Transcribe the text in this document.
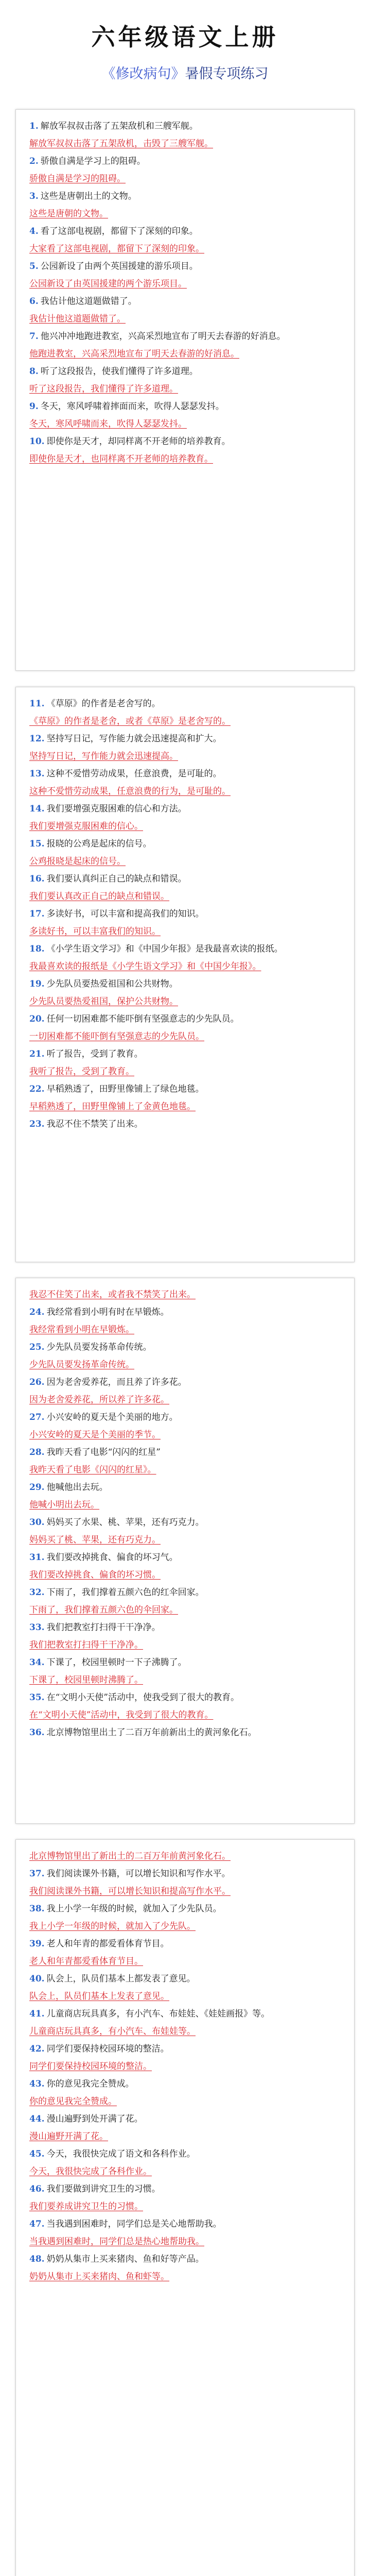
六年级语文上册
《修改病句》暑假专项练习
1. 解放军叔叔击落了五架敌机和三艘军舰。
解放军叔叔击落了五架敌机，击毁了三艘军舰。
2. 骄傲自满是学习上的阻碍。
骄傲自满是学习的阻碍。
3. 这些是唐朝出土的文物。
这些是唐朝的文物。
4. 看了这部电视剧，都留下了深刻的印象。
大家看了这部电视剧，都留下了深刻的印象。
5. 公园新设了由两个英国援建的游乐项目。
公园新设了由英国援建的两个游乐项目。
6. 我估计他这道题做错了。
我估计他这道题做错了。
7. 他兴冲冲地跑进教室，兴高采烈地宣布了明天去春游的好消息。
他跑进教室，兴高采烈地宣布了明天去春游的好消息。
8. 听了这段报告，使我们懂得了许多道理。
听了这段报告，我们懂得了许多道理。
9. 冬天，寒风呼啸着摔面而来，吹得人瑟瑟发抖。
冬天，寒风呼啸而来，吹得人瑟瑟发抖。
10. 即使你是天才，却同样离不开老师的培养教育。
即使你是天才，也同样离不开老师的培养教育。
11. 《草原》的作者是老舍写的。
《草原》的作者是老舍，或者《草原》是老舍写的。
12. 坚持写日记，写作能力就会迅速提高和扩大。
坚持写日记，写作能力就会迅速提高。
13. 这种不爱惜劳动成果，任意浪费，是可耻的。
这种不爱惜劳动成果，任意浪费的行为，是可耻的。
14. 我们要增强克服困难的信心和方法。
我们要增强克服困难的信心。
15. 报晓的公鸡是起床的信号。
公鸡报晓是起床的信号。
16. 我们要认真纠正自己的缺点和错误。
我们要认真改正自己的缺点和错误。
17. 多读好书，可以丰富和提高我们的知识。
多读好书，可以丰富我们的知识。
18. 《小学生语文学习》和《中国少年报》是我最喜欢读的报纸。
我最喜欢读的报纸是《小学生语文学习》和《中国少年报》。
19. 少先队员要热爱祖国和公共财物。
少先队员要热爱祖国，保护公共财物。
20. 任何一切困难都不能吓倒有坚强意志的少先队员。
一切困难都不能吓倒有坚强意志的少先队员。
21. 听了报告，受到了教育。
我听了报告，受到了教育。
22. 早稻熟透了，田野里像铺上了绿色地毯。
早稻熟透了，田野里像铺上了金黄色地毯。
23. 我忍不住不禁笑了出来。
我忍不住笑了出来，或者我不禁笑了出来。
24. 我经常看到小明有时在早锻炼。
我经常看到小明在早锻炼。
25. 少先队员要发扬革命传统。
少先队员要发扬革命传统。
26. 因为老舍爱养花，而且养了许多花。
因为老舍爱养花，所以养了许多花。
27. 小兴安岭的夏天是个美丽的地方。
小兴安岭的夏天是个美丽的季节。
28. 我昨天看了电影“闪闪的红星”
我昨天看了电影《闪闪的红星》。
29. 他喊他出去玩。
他喊小明出去玩。
30. 妈妈买了水果、桃、苹果，还有巧克力。
妈妈买了桃、苹果，还有巧克力。
31. 我们要改掉挑食、偏食的坏习气。
我们要改掉挑食、偏食的坏习惯。
32. 下雨了，我们撑着五颜六色的红伞回家。
下雨了，我们撑着五颜六色的伞回家。
33. 我们把教室打扫得干干净净。
我们把教室打扫得干干净净。
34. 下课了，校园里顿时一下子沸腾了。
下课了，校园里顿时沸腾了。
35. 在“文明小天使”活动中，使我受到了很大的教育。
在“文明小天使”活动中，我受到了很大的教育。
36. 北京博物馆里出土了二百万年前新出土的黄河象化石。
北京博物馆里出了新出土的二百万年前黄河象化石。
37. 我们阅读课外书籍，可以增长知识和写作水平。
我们阅读课外书籍，可以增长知识和提高写作水平。
38. 我上小学一年级的时候，就加入了少先队员。
我上小学一年级的时候，就加入了少先队。
39. 老人和年青的都爱看体育节目。
老人和年青都爱看体育节目。
40. 队会上，队员们基本上都发表了意见。
队会上，队员们基本上发表了意见。
41. 儿童商店玩具真多，有小汽车、布娃娃、《娃娃画报》等。
儿童商店玩具真多，有小汽车、布娃娃等。
42. 同学们要保持校园环境的整洁。
同学们要保持校园环境的整洁。
43. 你的意见我完全赞成。
你的意见我完全赞成。
44. 漫山遍野到处开满了花。
漫山遍野开满了花。
45. 今天，我很快完成了语文和各科作业。
今天，我很快完成了各科作业。
46. 我们要做到讲究卫生的习惯。
我们要养成讲究卫生的习惯。
47. 当我遇到困难时，同学们总是关心地帮助我。
当我遇到困难时，同学们总是热心地帮助我。
48. 奶奶从集市上买来猪肉、鱼和好等产品。
奶奶从集市上买来猪肉、鱼和虾等。
